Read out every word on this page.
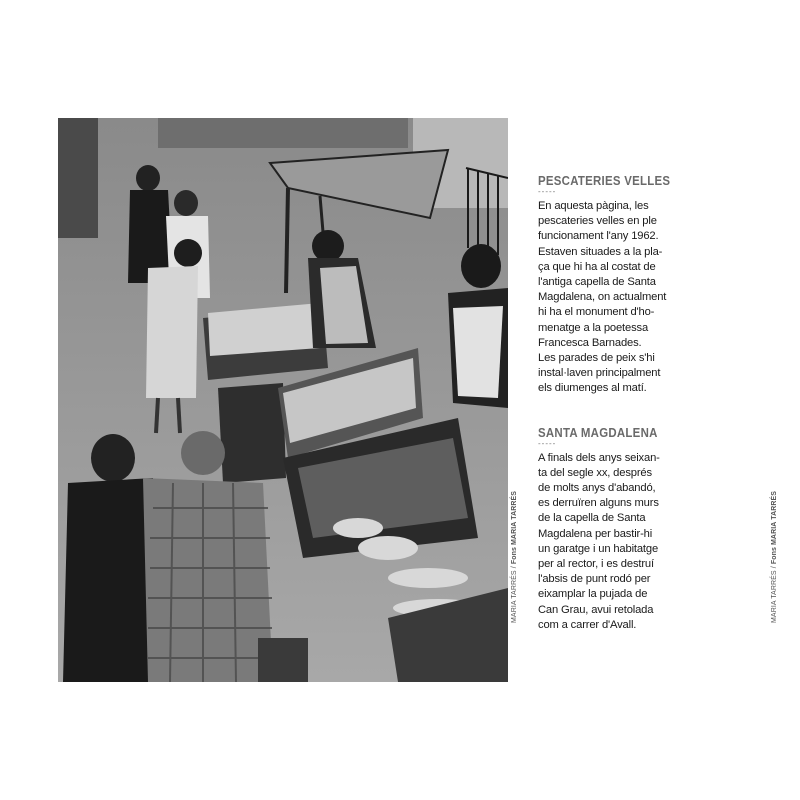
MARIA TARRÉS / Fons MARIA TARRÉS
MARIA TARRÉS / Fons MARIA TARRÉS
PESCATERIES VELLES
-----

En aquesta pàgina, les
pescateries velles en ple
funcionament l'any 1962.
Estaven situades a la pla-
ça que hi ha al costat de
l'antiga capella de Santa
Magdalena, on actualment
hi ha el monument d'ho-
menatge a la poetessa
Francesca Barnades.
Les parades de peix s'hi
instal·laven principalment
els diumenges al matí.

SANTA MAGDALENA
-----

A finals dels anys seixan-
ta del segle xx, després
de molts anys d'abandó,
es derruïren alguns murs
de la capella de Santa
Magdalena per bastir-hi
un garatge i un habitatge
per al rector, i es destruí
l'absis de punt rodó per
eixamplar la pujada de
Can Grau, avui retolada
com a carrer d'Avall.
